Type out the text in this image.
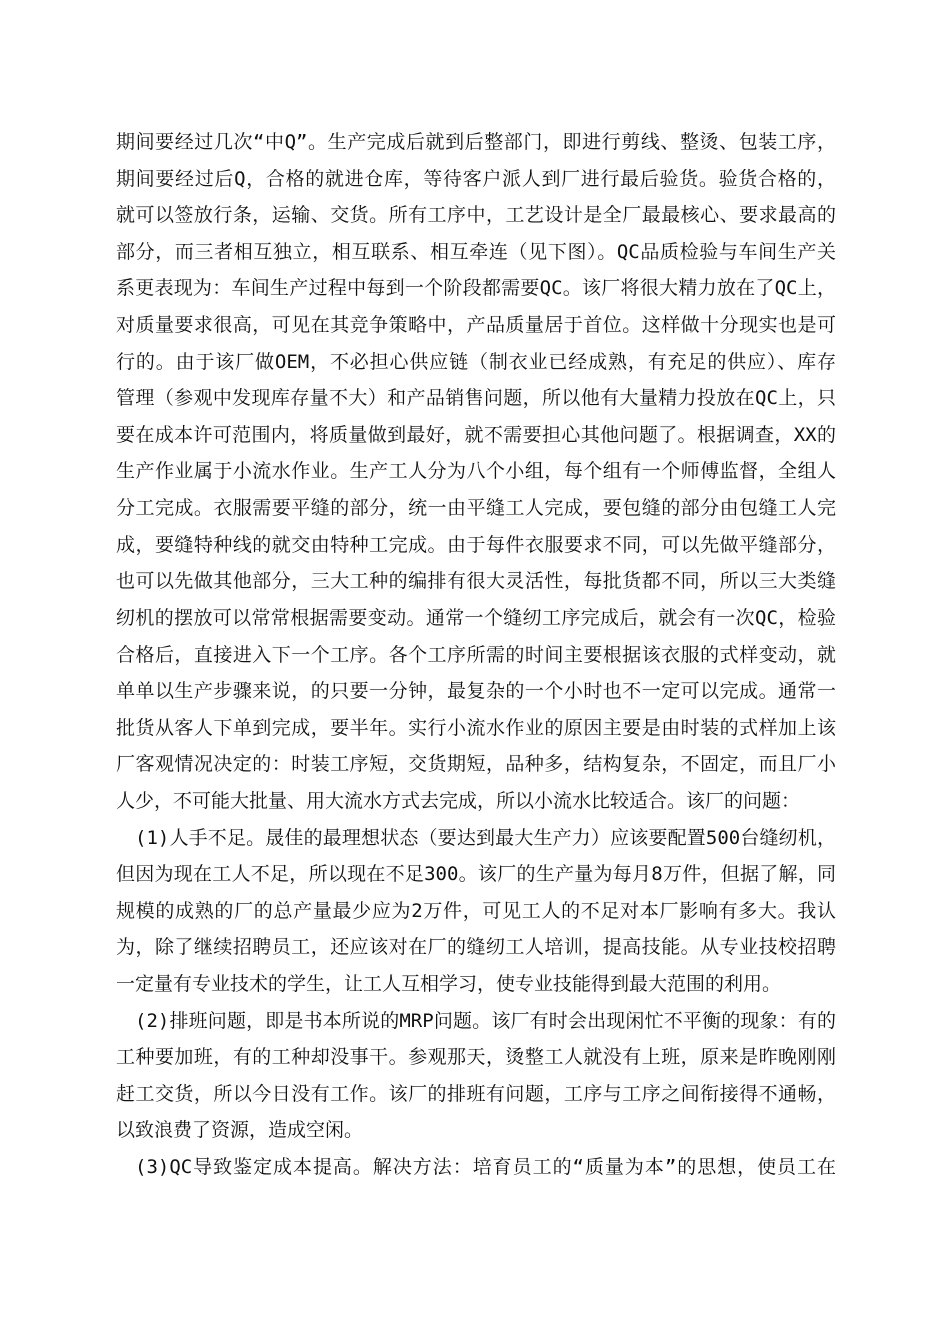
期间要经过几次“中Q”。生产完成后就到后整部门，即进行剪线、整烫、包装工序，
期间要经过后Q，合格的就进仓库，等待客户派人到厂进行最后验货。验货合格的，
就可以签放行条，运输、交货。所有工序中，工艺设计是全厂最最核心、要求最高的
部分，而三者相互独立，相互联系、相互牵连（见下图）。QC品质检验与车间生产关
系更表现为：车间生产过程中每到一个阶段都需要QC。该厂将很大精力放在了QC上，
对质量要求很高，可见在其竞争策略中，产品质量居于首位。这样做十分现实也是可
行的。由于该厂做OEM，不必担心供应链（制衣业已经成熟，有充足的供应）、库存
管理（参观中发现库存量不大）和产品销售问题，所以他有大量精力投放在QC上，只
要在成本许可范围内，将质量做到最好，就不需要担心其他问题了。根据调查，XX的
生产作业属于小流水作业。生产工人分为八个小组，每个组有一个师傅监督，全组人
分工完成。衣服需要平缝的部分，统一由平缝工人完成，要包缝的部分由包缝工人完
成，要缝特种线的就交由特种工完成。由于每件衣服要求不同，可以先做平缝部分，
也可以先做其他部分，三大工种的编排有很大灵活性，每批货都不同，所以三大类缝
纫机的摆放可以常常根据需要变动。通常一个缝纫工序完成后，就会有一次QC，检验
合格后，直接进入下一个工序。各个工序所需的时间主要根据该衣服的式样变动，就
单单以生产步骤来说，的只要一分钟，最复杂的一个小时也不一定可以完成。通常一
批货从客人下单到完成，要半年。实行小流水作业的原因主要是由时装的式样加上该
厂客观情况决定的：时装工序短，交货期短，品种多，结构复杂，不固定，而且厂小
人少，不可能大批量、用大流水方式去完成，所以小流水比较适合。该厂的问题：
(1)人手不足。晟佳的最理想状态（要达到最大生产力）应该要配置500台缝纫机，
但因为现在工人不足，所以现在不足300。该厂的生产量为每月8万件，但据了解，同
规模的成熟的厂的总产量最少应为2万件，可见工人的不足对本厂影响有多大。我认
为，除了继续招聘员工，还应该对在厂的缝纫工人培训，提高技能。从专业技校招聘
一定量有专业技术的学生，让工人互相学习，使专业技能得到最大范围的利用。
(2)排班问题，即是书本所说的MRP问题。该厂有时会出现闲忙不平衡的现象：有的
工种要加班，有的工种却没事干。参观那天，烫整工人就没有上班，原来是昨晚刚刚
赶工交货，所以今日没有工作。该厂的排班有问题，工序与工序之间衔接得不通畅，
以致浪费了资源，造成空闲。
(3)QC导致鉴定成本提高。解决方法：培育员工的“质量为本”的思想，使员工在
